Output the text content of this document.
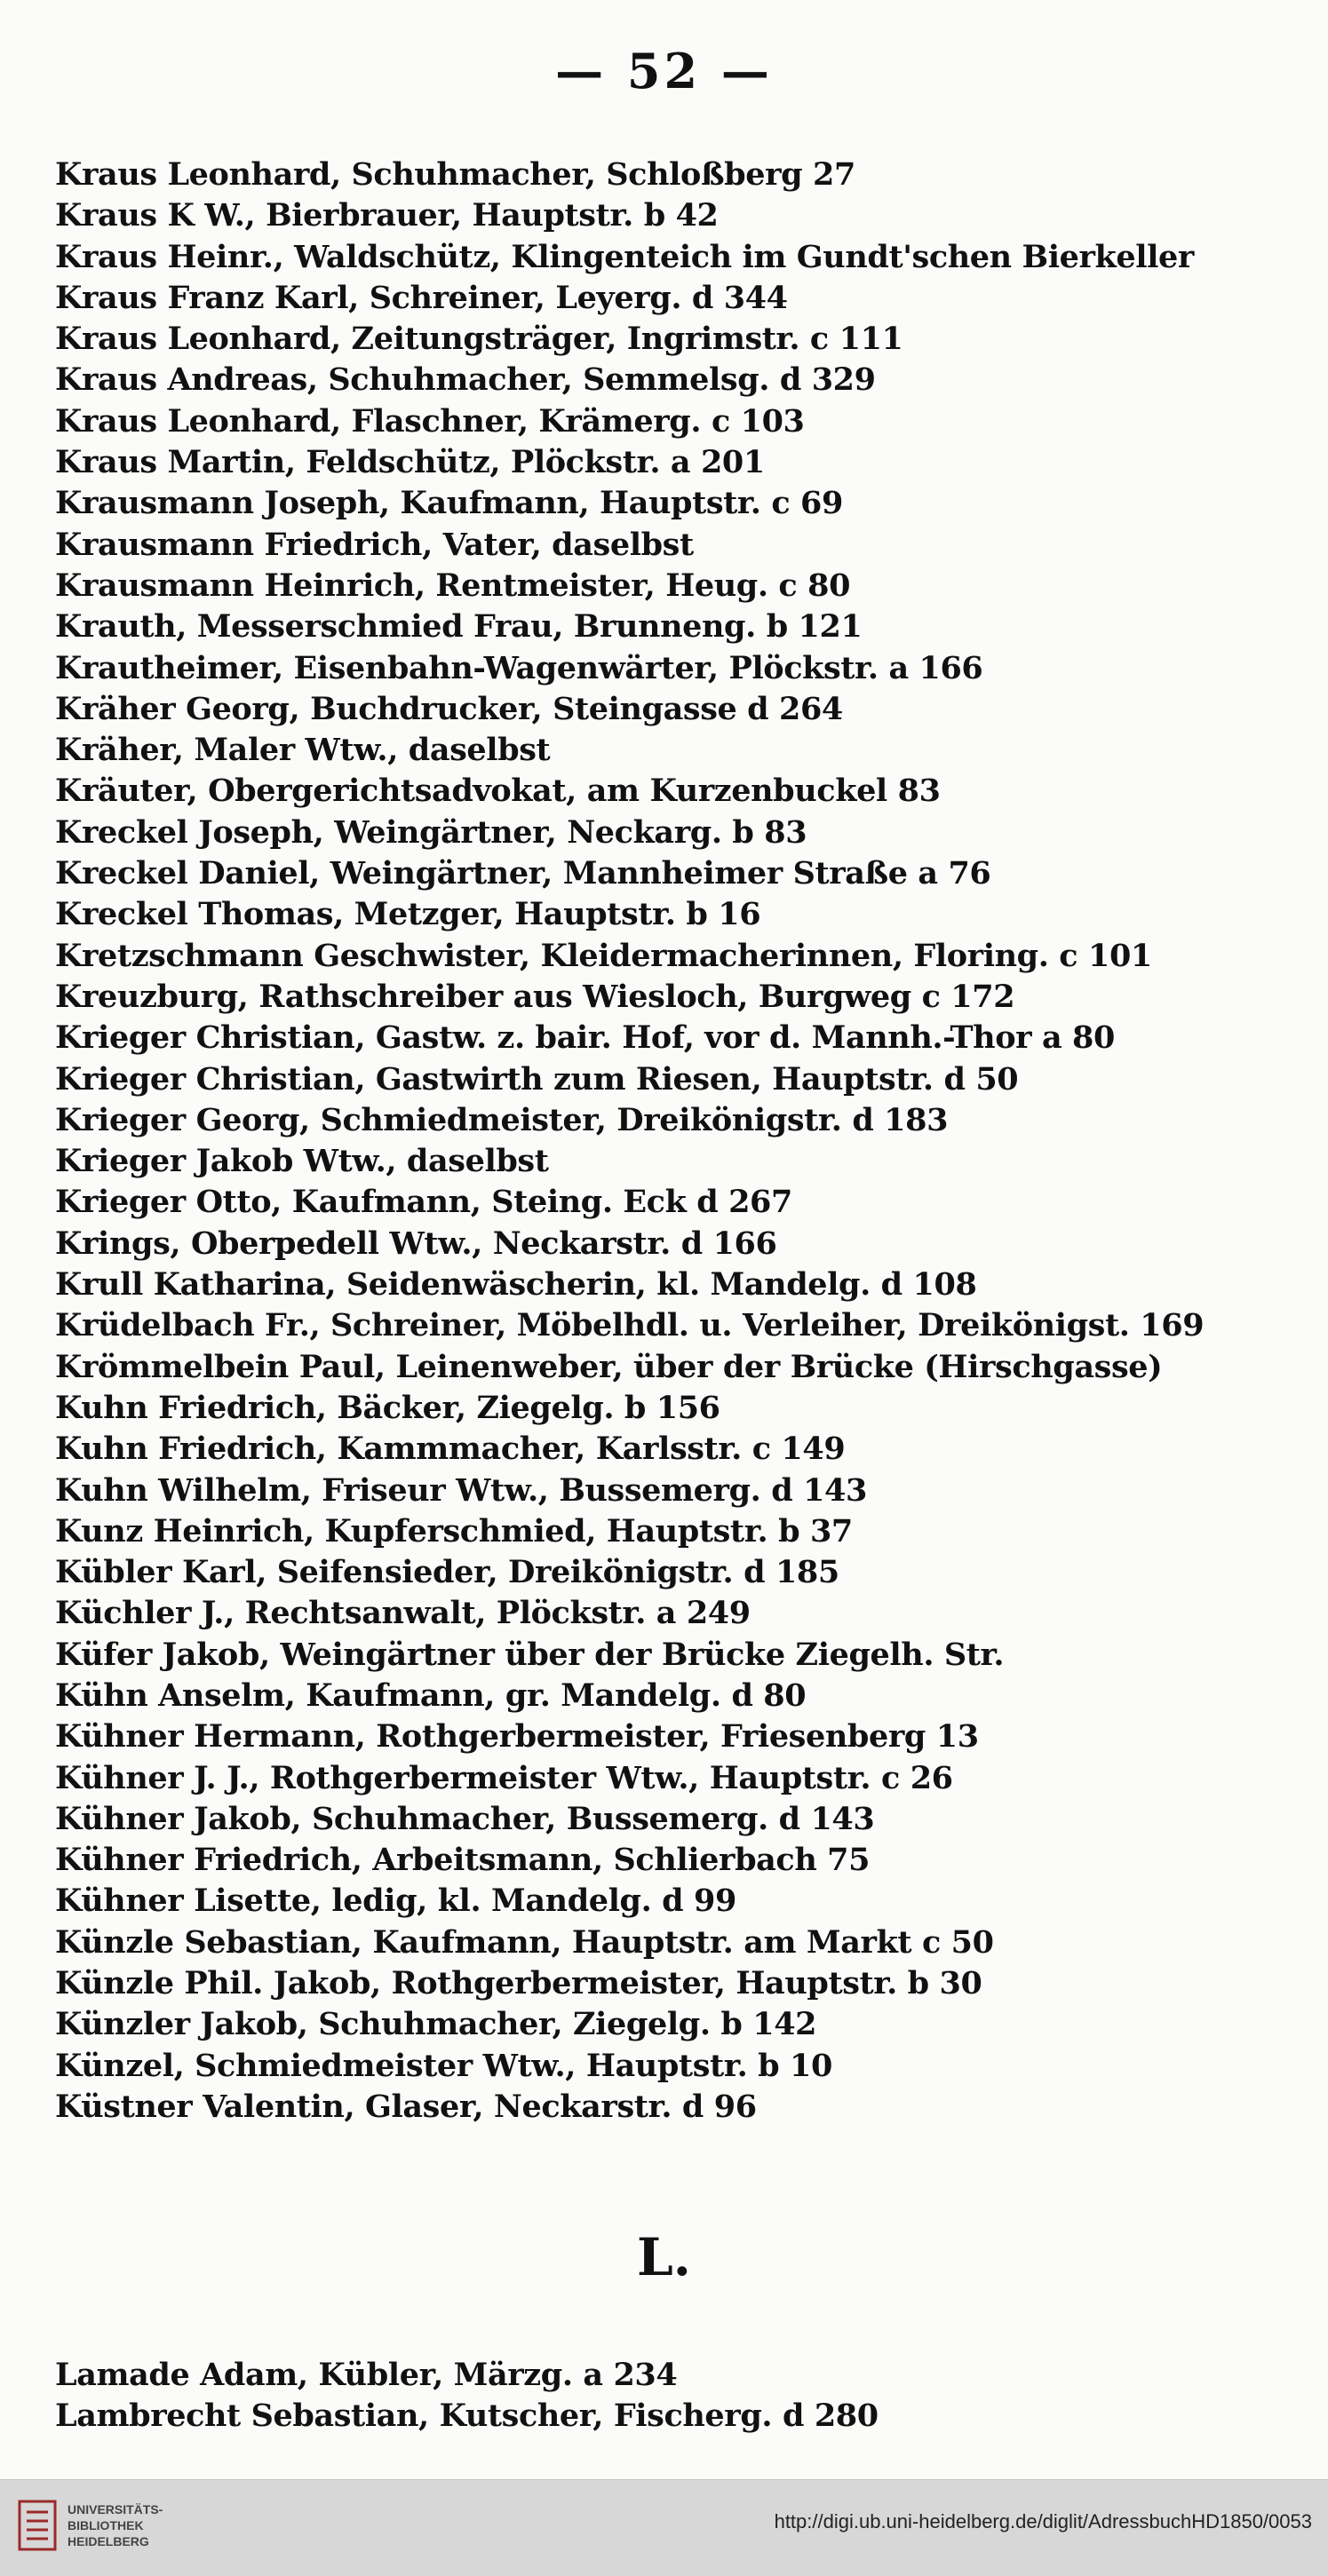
— 52 —
Kraus Leonhard, Schuhmacher, Schloßberg 27
Kraus K W., Bierbrauer, Hauptstr. b 42
Kraus Heinr., Waldschütz, Klingenteich im Gundt'schen Bierkeller
Kraus Franz Karl, Schreiner, Leyerg. d 344
Kraus Leonhard, Zeitungsträger, Ingrimstr. c 111
Kraus Andreas, Schuhmacher, Semmelsg. d 329
Kraus Leonhard, Flaschner, Krämerg. c 103
Kraus Martin, Feldschütz, Plöckstr. a 201
Krausmann Joseph, Kaufmann, Hauptstr. c 69
Krausmann Friedrich, Vater, daselbst
Krausmann Heinrich, Rentmeister, Heug. c 80
Krauth, Messerschmied Frau, Brunneng. b 121
Krautheimer, Eisenbahn-Wagenwärter, Plöckstr. a 166
Kräher Georg, Buchdrucker, Steingasse d 264
Kräher, Maler Wtw., daselbst
Kräuter, Obergerichtsadvokat, am Kurzenbuckel 83
Kreckel Joseph, Weingärtner, Neckarg. b 83
Kreckel Daniel, Weingärtner, Mannheimer Straße a 76
Kreckel Thomas, Metzger, Hauptstr. b 16
Kretzschmann Geschwister, Kleidermacherinnen, Floring. c 101
Kreuzburg, Rathschreiber aus Wiesloch, Burgweg c 172
Krieger Christian, Gastw. z. bair. Hof, vor d. Mannh.-Thor a 80
Krieger Christian, Gastwirth zum Riesen, Hauptstr. d 50
Krieger Georg, Schmiedmeister, Dreikönigstr. d 183
Krieger Jakob Wtw., daselbst
Krieger Otto, Kaufmann, Steing. Eck d 267
Krings, Oberpedell Wtw., Neckarstr. d 166
Krull Katharina, Seidenwäscherin, kl. Mandelg. d 108
Krüdelbach Fr., Schreiner, Möbelhdl. u. Verleiher, Dreikönigst. 169
Krömmelbein Paul, Leinenweber, über der Brücke (Hirschgasse)
Kuhn Friedrich, Bäcker, Ziegelg. b 156
Kuhn Friedrich, Kammmacher, Karlsstr. c 149
Kuhn Wilhelm, Friseur Wtw., Bussemerg. d 143
Kunz Heinrich, Kupferschmied, Hauptstr. b 37
Kübler Karl, Seifensieder, Dreikönigstr. d 185
Küchler J., Rechtsanwalt, Plöckstr. a 249
Küfer Jakob, Weingärtner über der Brücke Ziegelh. Str.
Kühn Anselm, Kaufmann, gr. Mandelg. d 80
Kühner Hermann, Rothgerbermeister, Friesenberg 13
Kühner J. J., Rothgerbermeister Wtw., Hauptstr. c 26
Kühner Jakob, Schuhmacher, Bussemerg. d 143
Kühner Friedrich, Arbeitsmann, Schlierbach 75
Kühner Lisette, ledig, kl. Mandelg. d 99
Künzle Sebastian, Kaufmann, Hauptstr. am Markt c 50
Künzle Phil. Jakob, Rothgerbermeister, Hauptstr. b 30
Künzler Jakob, Schuhmacher, Ziegelg. b 142
Künzel, Schmiedmeister Wtw., Hauptstr. b 10
Küstner Valentin, Glaser, Neckarstr. d 96
L.
Lamade Adam, Kübler, Märzg. a 234
Lambrecht Sebastian, Kutscher, Fischerg. d 280
UNIVERSITÄTS-
BIBLIOTHEK
HEIDELBERG
http://digi.ub.uni-heidelberg.de/diglit/AdressbuchHD1850/0053
